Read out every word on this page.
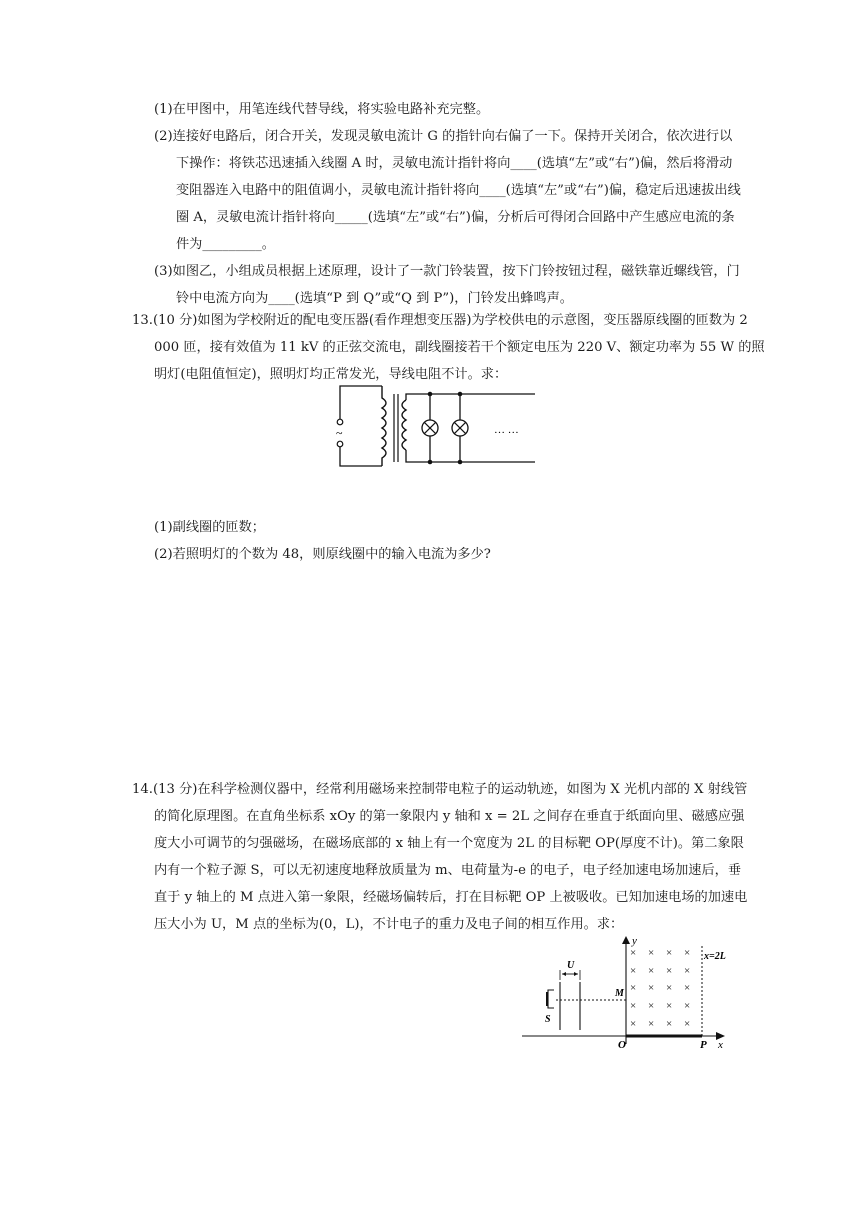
(1)在甲图中，用笔连线代替导线，将实验电路补充完整。
(2)连接好电路后，闭合开关，发现灵敏电流计 G 的指针向右偏了一下。保持开关闭合，依次进行以
下操作：将铁芯迅速插入线圈 A 时，灵敏电流计指针将向____(选填“左”或“右”)偏，然后将滑动
变阻器连入电路中的阻值调小，灵敏电流计指针将向____(选填“左”或“右”)偏，稳定后迅速拔出线
圈 A，灵敏电流计指针将向_____(选填“左”或“右”)偏，分析后可得闭合回路中产生感应电流的条
件为_________。
(3)如图乙，小组成员根据上述原理，设计了一款门铃装置，按下门铃按钮过程，磁铁靠近螺线管，门
铃中电流方向为____(选填“P 到 Q”或“Q 到 P”)，门铃发出蜂鸣声。
13.(10 分)如图为学校附近的配电变压器(看作理想变压器)为学校供电的示意图，变压器原线圈的匝数为 2
000 匝，接有效值为 11 kV 的正弦交流电，副线圈接若干个额定电压为 220 V、额定功率为 55 W 的照
明灯(电阻值恒定)，照明灯均正常发光，导线电阻不计。求：
~	… …
(1)副线圈的匝数；
(2)若照明灯的个数为 48，则原线圈中的输入电流为多少?
14.(13 分)在科学检测仪器中，经常利用磁场来控制带电粒子的运动轨迹，如图为 X 光机内部的 X 射线管
的简化原理图。在直角坐标系 xOy 的第一象限内 y 轴和 x = 2L 之间存在垂直于纸面向里、磁感应强
度大小可调节的匀强磁场，在磁场底部的 x 轴上有一个宽度为 2L 的目标靶 OP(厚度不计)。第二象限
内有一个粒子源 S，可以无初速度地释放质量为 m、电荷量为-e 的电子，电子经加速电场加速后，垂
直于 y 轴上的 M 点进入第一象限，经磁场偏转后，打在目标靶 OP 上被吸收。已知加速电场的加速电
压大小为 U，M 点的坐标为(0，L)，不计电子的重力及电子间的相互作用。求：
x
y
O	P
x=2L
× × × ×
× × × ×
× × × ×
× × × ×
× × × ×
M
S
U
